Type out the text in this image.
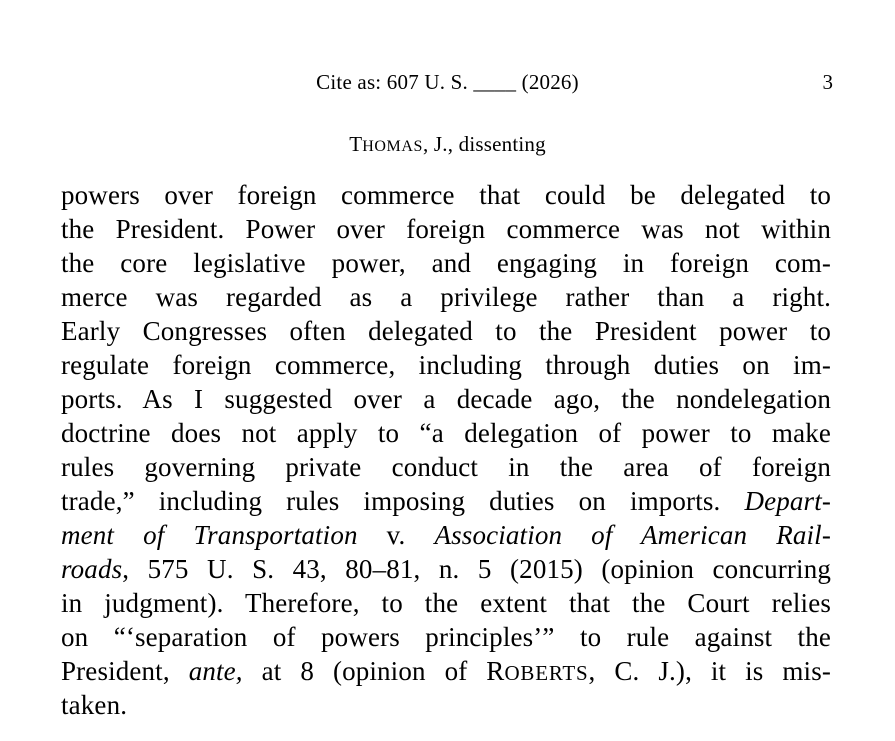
Cite as: 607 U. S. ____ (2026)	3
THOMAS, J., dissenting
powers over foreign commerce that could be delegated to
the President. Power over foreign commerce was not within
the core legislative power, and engaging in foreign com-
merce was regarded as a privilege rather than a right.
Early Congresses often delegated to the President power to
regulate foreign commerce, including through duties on im-
ports. As I suggested over a decade ago, the nondelegation
doctrine does not apply to “a delegation of power to make
rules governing private conduct in the area of foreign
trade,” including rules imposing duties on imports. Depart-
ment of Transportation v. Association of American Rail-
roads, 575 U. S. 43, 80–81, n. 5 (2015) (opinion concurring
in judgment). Therefore, to the extent that the Court relies
on “‘separation of powers principles’” to rule against the
President, ante, at 8 (opinion of ROBERTS, C. J.), it is mis-
taken.
